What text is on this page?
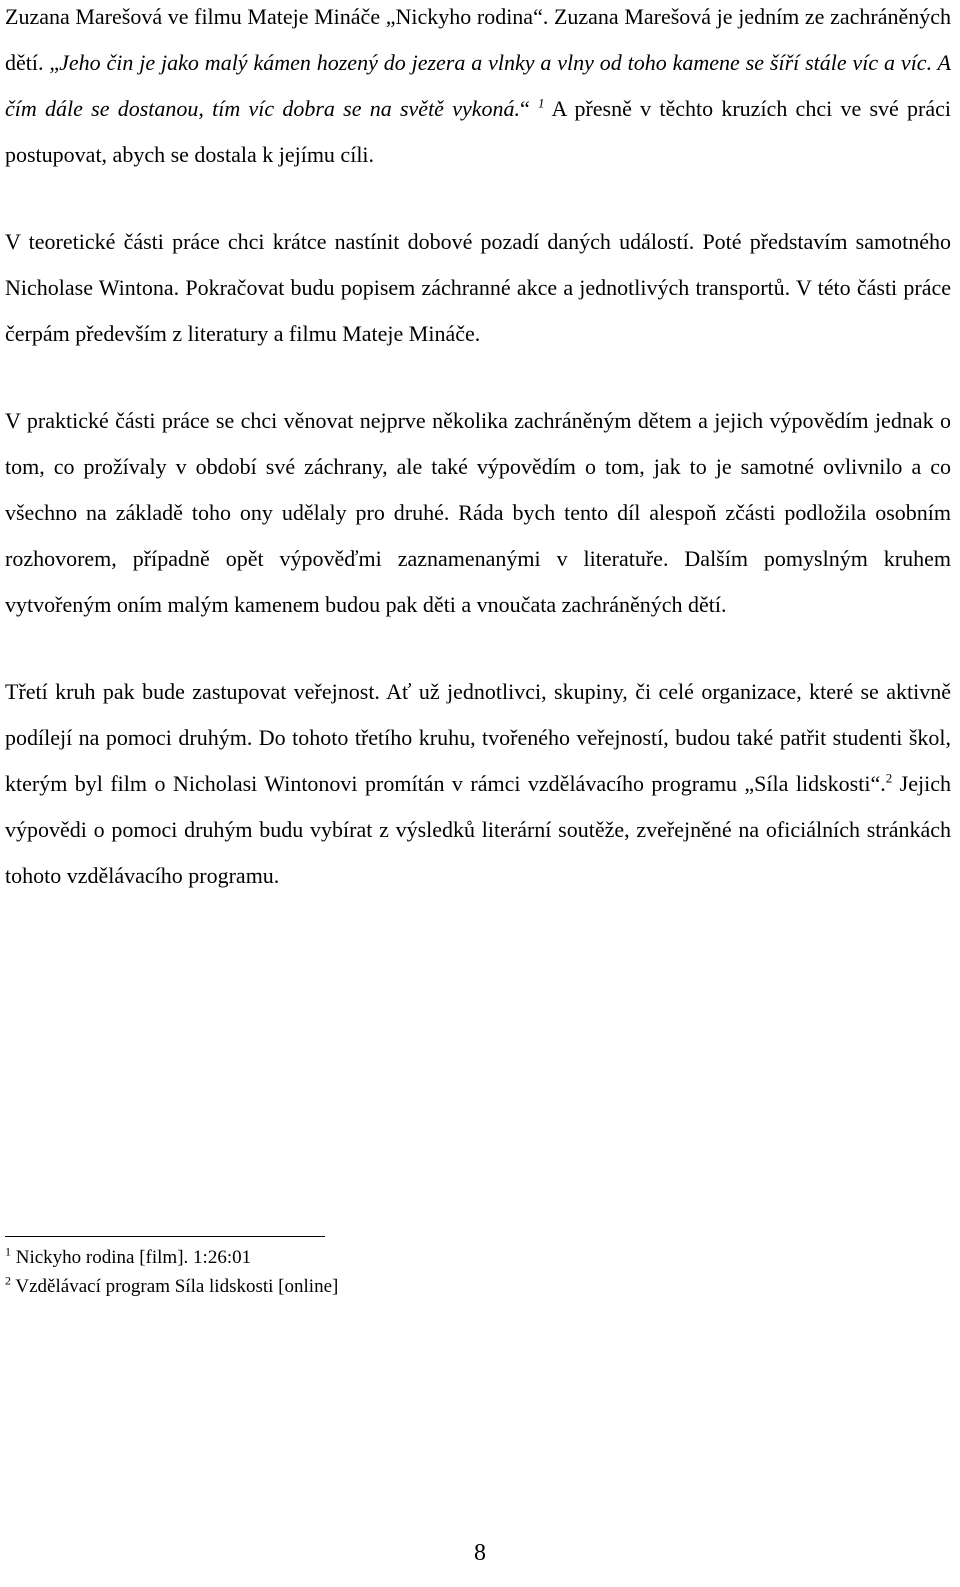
Zuzana Marešová ve filmu Mateje Mináče „Nickyho rodina“. Zuzana Marešová je jedním ze zachráněných dětí. „Jeho čin je jako malý kámen hozený do jezera a vlnky a vlny od toho kamene se šíří stále víc a víc. A čím dále se dostanou, tím víc dobra se na světě vykoná.“ $^1$ A přesně v těchto kruzích chci ve své práci postupovat, abych se dostala k jejímu cíli.

V teoretické části práce chci krátce nastínit dobové pozadí daných událostí. Poté představím samotného Nicholase Wintona. Pokračovat budu popisem záchranné akce a jednotlivých transportů. V této části práce čerpám především z literatury a filmu Mateje Mináče.

V praktické části práce se chci věnovat nejprve několika zachráněným dětem a jejich výpovědím jednak o tom, co prožívaly v období své záchrany, ale také výpovědím o tom, jak to je samotné ovlivnilo a co všechno na základě toho ony udělaly pro druhé. Ráda bych tento díl alespoň zčásti podložila osobním rozhovorem, případně opět výpověďmi zaznamenanými v literatuře. Dalším pomyslným kruhem vytvořeným oním malým kamenem budou pak děti a vnoučata zachráněných dětí.

Třetí kruh pak bude zastupovat veřejnost. Ať už jednotlivci, skupiny, či celé organizace, které se aktivně podílejí na pomoci druhým. Do tohoto třetího kruhu, tvořeného veřejností, budou také patřit studenti škol, kterým byl film o Nicholasi Wintonovi promítán v rámci vzdělávacího programu „Síla lidskosti“.$^2$ Jejich výpovědi o pomoci druhým budu vybírat z výsledků literární soutěže, zveřejněné na oficiálních stránkách tohoto vzdělávacího programu.

$^1$ Nickyho rodina [film]. 1:26:01

$^2$ Vzdělávací program Síla lidskosti [online]

8
